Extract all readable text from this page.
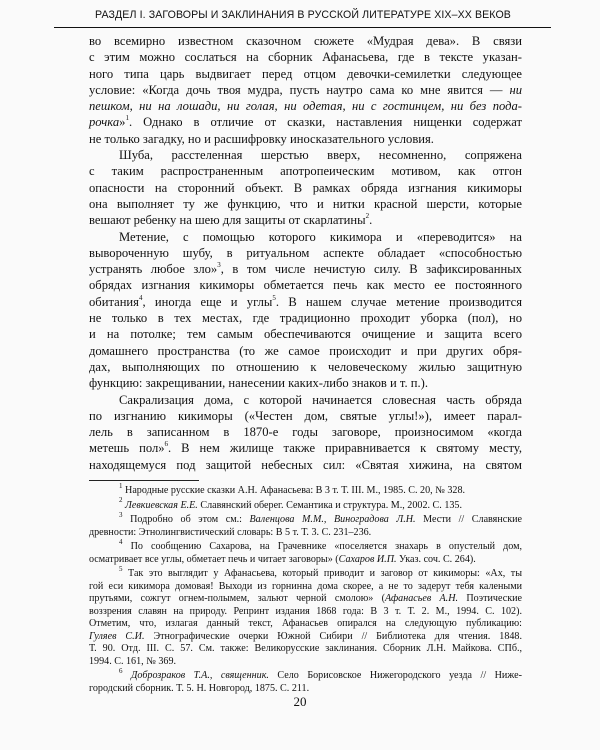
РАЗДЕЛ I. ЗАГОВОРЫ И ЗАКЛИНАНИЯ В РУССКОЙ ЛИТЕРАТУРЕ XIX–XX ВЕКОВ
во всемирно известном сказочном сюжете «Мудрая дева». В связи
с этим можно сослаться на сборник Афанасьева, где в тексте указан-
ного типа царь выдвигает перед отцом девочки-семилетки следующее
условие: «Когда дочь твоя мудра, пусть наутро сама ко мне явится — ни
пешком, ни на лошади, ни голая, ни одетая, ни с гостинцем, ни без пода-
рочка»$^1$. Однако в отличие от сказки, наставления нищенки содержат
не только загадку, но и расшифровку иносказательного условия.
Шуба, расстеленная шерстью вверх, несомненно, сопряжена
с таким распространенным апотропеическим мотивом, как отгон
опасности на сторонний объект. В рамках обряда изгнания кикиморы
она выполняет ту же функцию, что и нитки красной шерсти, которые
вешают ребенку на шею для защиты от скарлатины$^2$.
Метение, с помощью которого кикимора и «переводится» на
вывороченную шубу, в ритуальном аспекте обладает «способностью
устранять любое зло»$^3$, в том числе нечистую силу. В зафиксированных
обрядах изгнания кикиморы обметается печь как место ее постоянного
обитания$^4$, иногда еще и углы$^5$. В нашем случае метение производится
не только в тех местах, где традиционно проходит уборка (пол), но
и на потолке; тем самым обеспечиваются очищение и защита всего
домашнего пространства (то же самое происходит и при других обря-
дах, выполняющих по отношению к человеческому жилью защитную
функцию: закрещивании, нанесении каких-либо знаков и т. п.).
Сакрализация дома, с которой начинается словесная часть обряда
по изгнанию кикиморы («Честен дом, святые углы!»), имеет парал-
лель в записанном в 1870-е годы заговоре, произносимом «когда
метешь пол»$^6$. В нем жилище также приравнивается к святому месту,
находящемуся под защитой небесных сил: «Святая хижина, на святом
$^1$ Народные русские сказки А.Н. Афанасьева: В 3 т. Т. III. М., 1985. С. 20, № 328.
$^2$ Левкиевская Е.Е. Славянский оберег. Семантика и структура. М., 2002. С. 135.
$^3$ Подробно об этом см.: Валенцова М.М., Виноградова Л.Н. Мести // Славянские
древности: Этнолингвистический словарь: В 5 т. Т. 3. С. 231–236.
$^4$ По сообщению Сахарова, на Грачевнике «поселяется знахарь в опустелый дом,
осматривает все углы, обметает печь и читает заговоры» (Сахаров И.П. Указ. соч. С. 264).
$^5$ Так это выглядит у Афанасьева, который приводит и заговор от кикиморы: «Ах, ты
гой еси кикимора домовая! Выходи из горнинна дома скорее, а не то задерут тебя калеными
прутьями, сожгут огнем-полымем, зальют черной смолою» (Афанасьев А.Н. Поэтические
воззрения славян на природу. Репринт издания 1868 года: В 3 т. Т. 2. М., 1994. С. 102).
Отметим, что, излагая данный текст, Афанасьев опирался на следующую публикацию:
Гуляев С.И. Этнографические очерки Южной Сибири // Библиотека для чтения. 1848.
Т. 90. Отд. III. С. 57. См. также: Великорусские заклинания. Сборник Л.Н. Майкова. СПб.,
1994. С. 161, № 369.
$^6$ Доброзраков Т.А., священник. Село Борисовское Нижегородского уезда // Ниже-
городский сборник. Т. 5. Н. Новгород, 1875. С. 211.
20
